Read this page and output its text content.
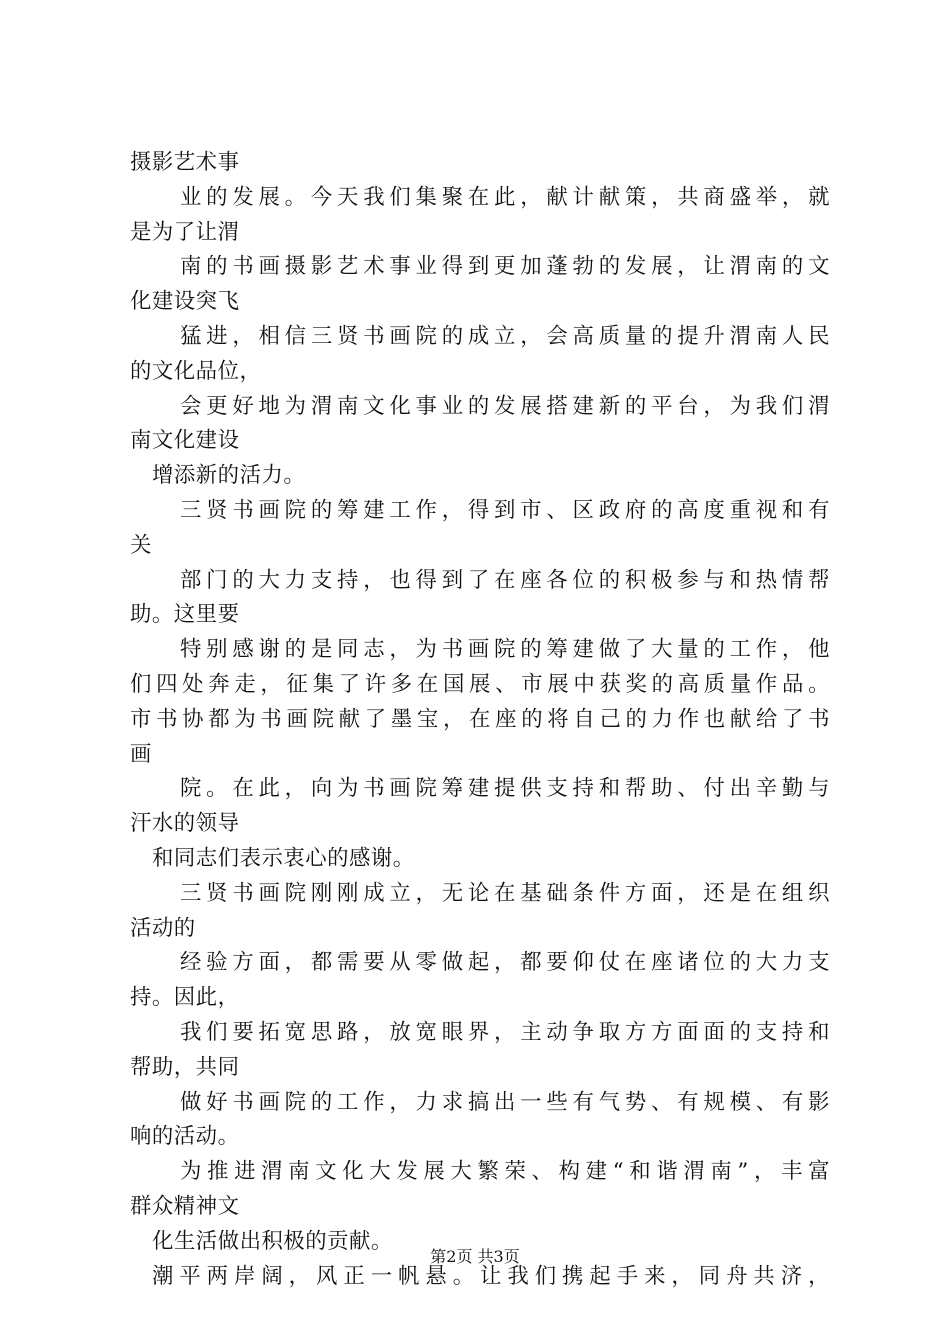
摄影艺术事
业的发展。今天我们集聚在此，献计献策，共商盛举，就
是为了让渭
南的书画摄影艺术事业得到更加蓬勃的发展，让渭南的文
化建设突飞
猛进，相信三贤书画院的成立，会高质量的提升渭南人民
的文化品位，
会更好地为渭南文化事业的发展搭建新的平台，为我们渭
南文化建设
增添新的活力。
三贤书画院的筹建工作，得到市、区政府的高度重视和有
关
部门的大力支持，也得到了在座各位的积极参与和热情帮
助。这里要
特别感谢的是同志，为书画院的筹建做了大量的工作，他
们四处奔走，征集了许多在国展、市展中获奖的高质量作品。
市书协都为书画院献了墨宝，在座的将自己的力作也献给了书
画
院。在此，向为书画院筹建提供支持和帮助、付出辛勤与
汗水的领导
和同志们表示衷心的感谢。
三贤书画院刚刚成立，无论在基础条件方面，还是在组织
活动的
经验方面，都需要从零做起，都要仰仗在座诸位的大力支
持。因此，
我们要拓宽思路，放宽眼界，主动争取方方面面的支持和
帮助，共同
做好书画院的工作，力求搞出一些有气势、有规模、有影
响的活动。
为推进渭南文化大发展大繁荣、构建“和谐渭南”，丰富
群众精神文
化生活做出积极的贡献。
潮平两岸阔，风正一帆悬。让我们携起手来，同舟共济，
第2页 共3页
